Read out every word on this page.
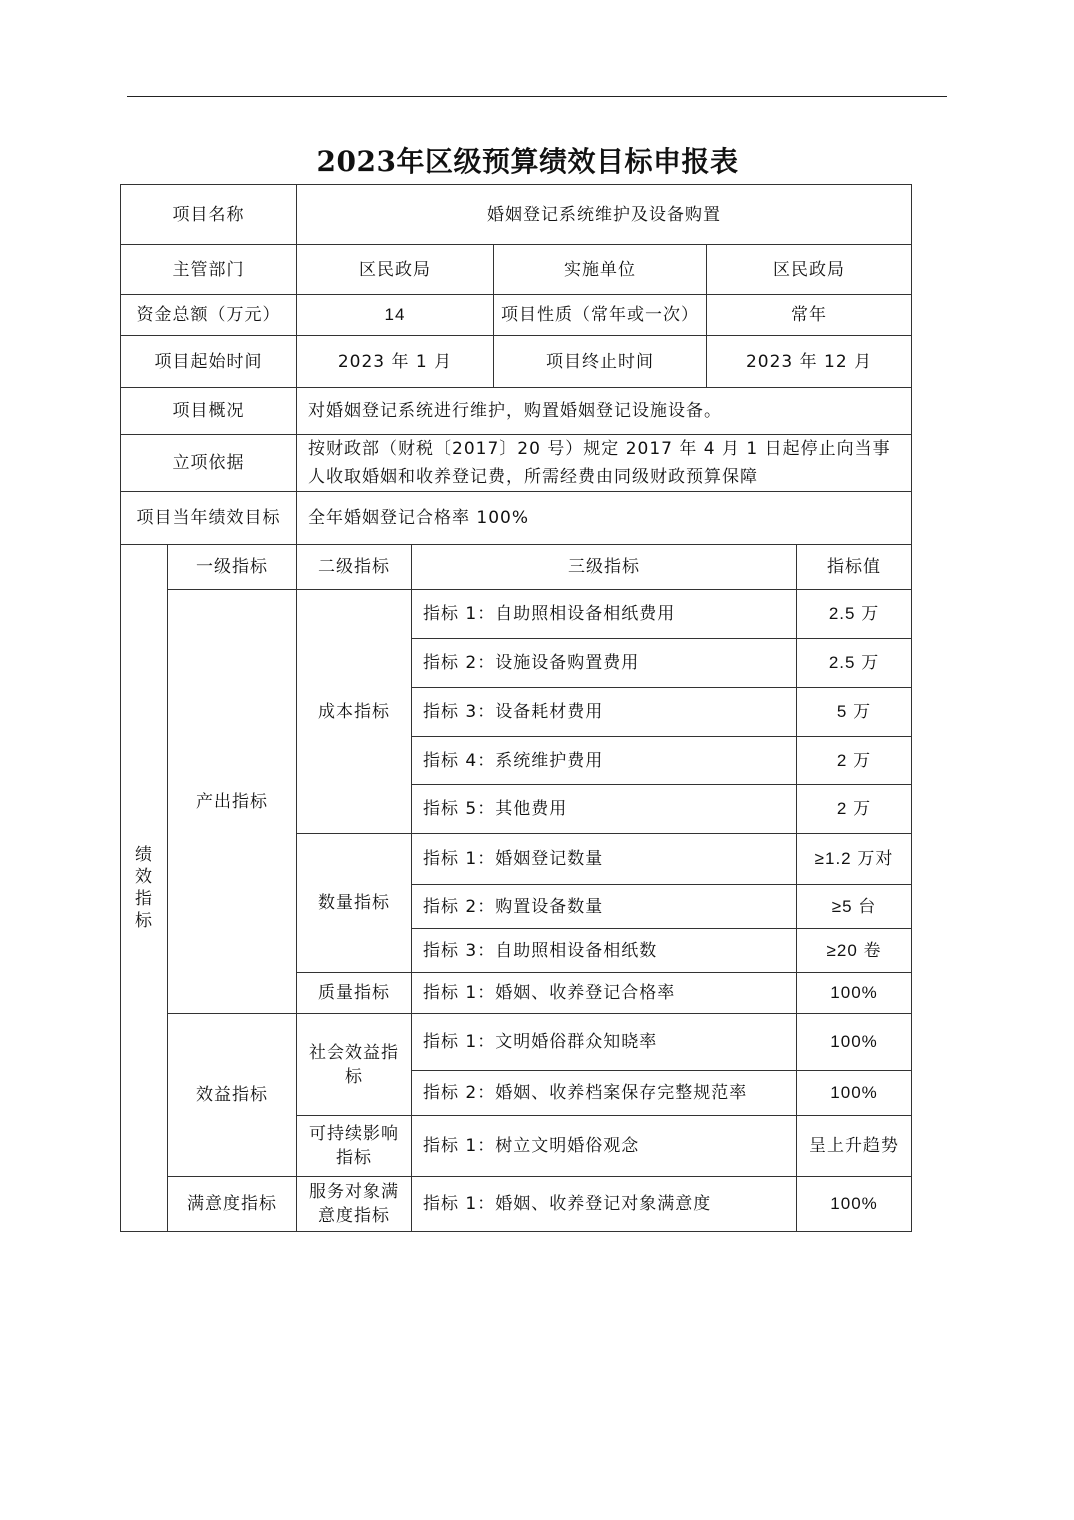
2023年区级预算绩效目标申报表
项目名称		婚姻登记系统维护及设备购置				
主管部门		区民政局		实施单位	区民政局	
资金总额（万元）		14		项目性质（常年或一次）	常年	
项目起始时间		2023 年 1 月		项目终止时间	2023 年 12 月	
项目概况		对婚姻登记系统进行维护，购置婚姻登记设施设备。				
立项依据		按财政部（财税〔2017〕20 号）规定 2017 年 4 月 1 日起停止向当事人收取婚姻和收养登记费，所需经费由同级财政预算保障				
项目当年绩效目标		全年婚姻登记合格率 100%				
绩效指标	一级指标	二级指标	三级指标			指标值
	产出指标	成本指标	指标 1：自助照相设备相纸费用			2.5 万
			指标 2：设施设备购置费用			2.5 万
			指标 3：设备耗材费用			5 万
			指标 4：系统维护费用			2 万
			指标 5：其他费用			2 万
		数量指标	指标 1：婚姻登记数量			≥1.2 万对
			指标 2：购置设备数量			≥5 台
			指标 3：自助照相设备相纸数			≥20 卷
		质量指标	指标 1：婚姻、收养登记合格率			100%
	效益指标	社会效益指标	指标 1：文明婚俗群众知晓率			100%
			指标 2：婚姻、收养档案保存完整规范率			100%
		可持续影响指标	指标 1：树立文明婚俗观念			呈上升趋势
	满意度指标	服务对象满意度指标	指标 1：婚姻、收养登记对象满意度			100%
